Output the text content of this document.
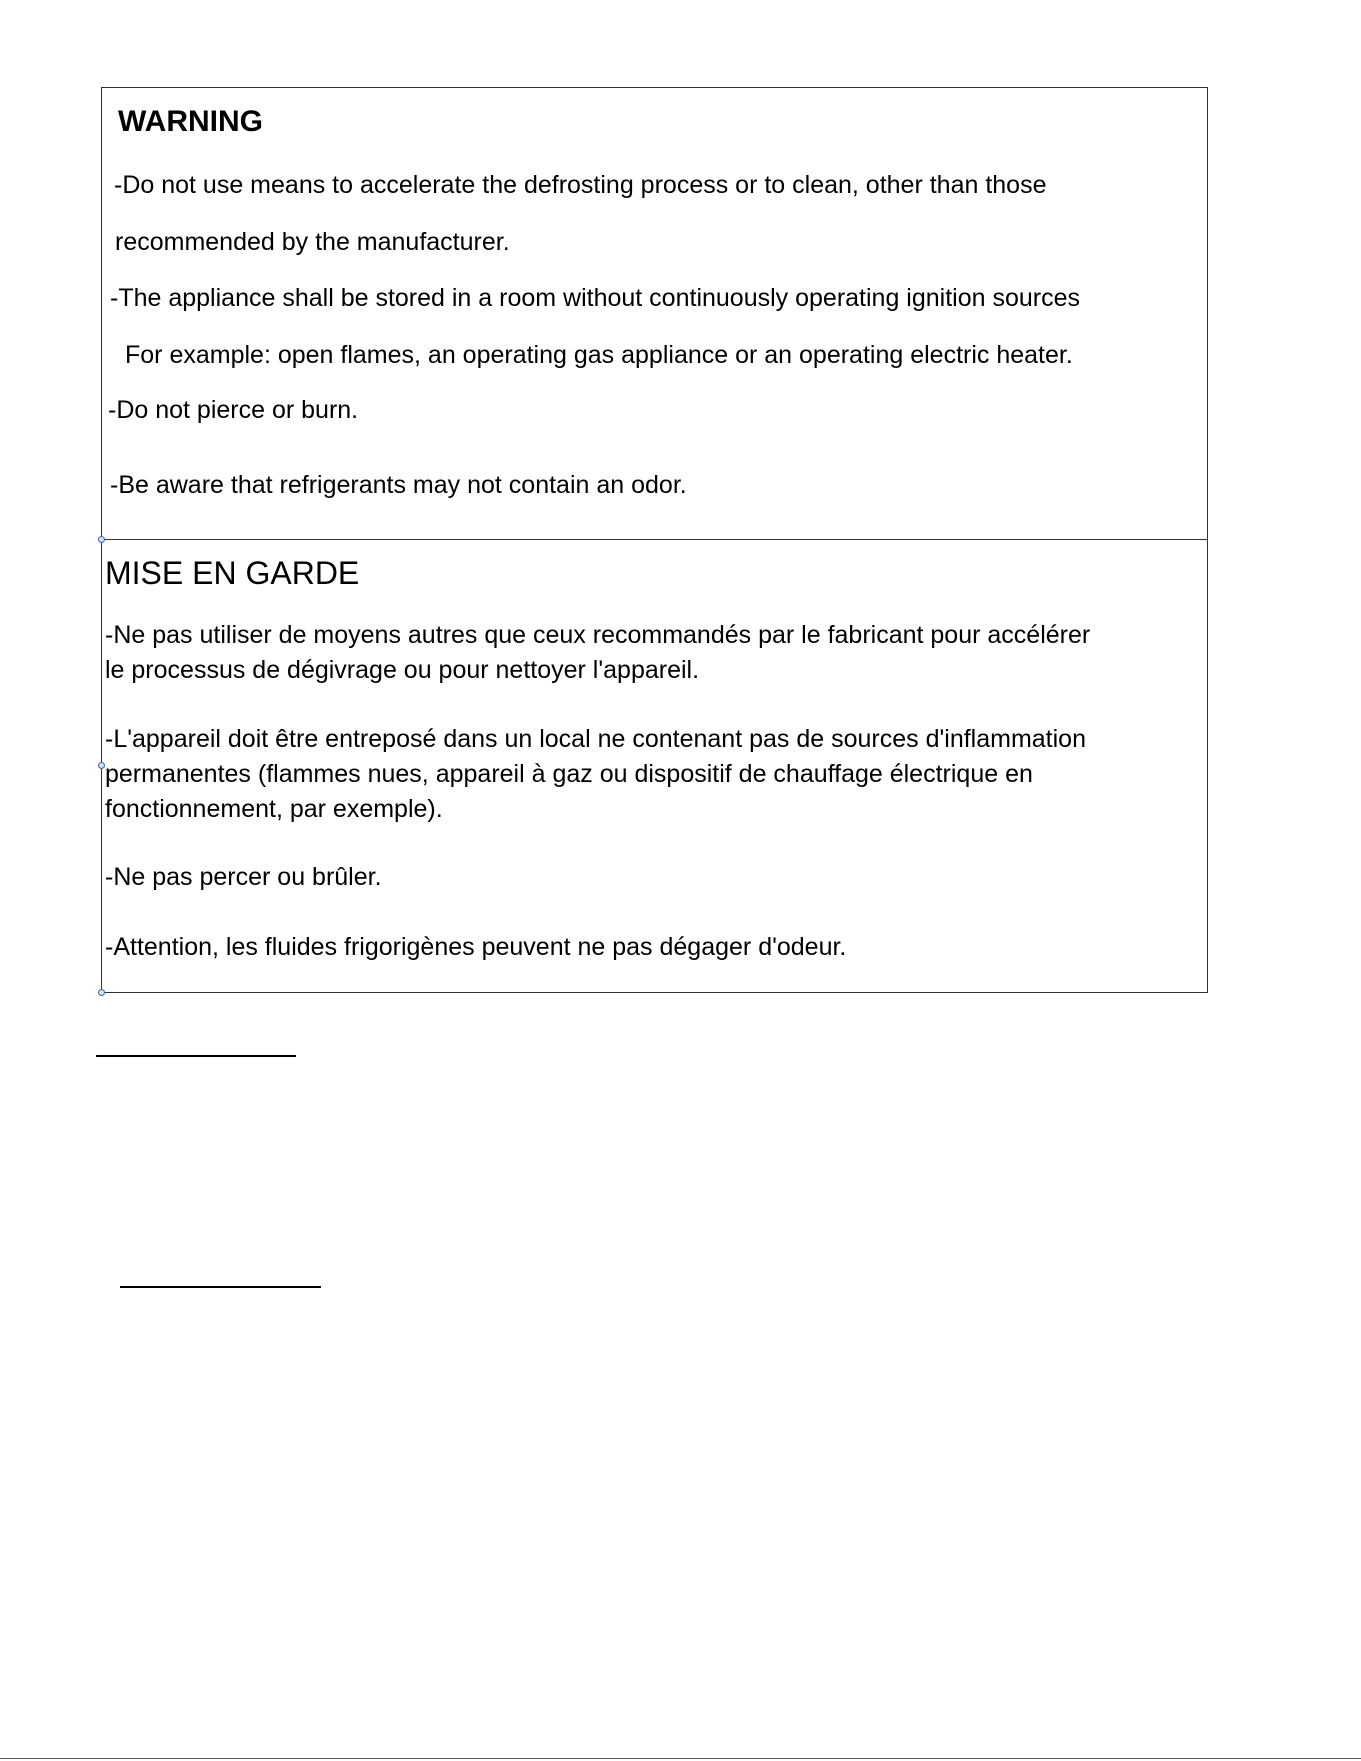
WARNING
-Do not use means to accelerate the defrosting process or to clean, other than those
recommended by the manufacturer.
-The appliance shall be stored in a room without continuously operating ignition sources
For example: open flames, an operating gas appliance or an operating electric heater.
-Do not pierce or burn.
-Be aware that refrigerants may not contain an odor.
MISE EN GARDE
-Ne pas utiliser de moyens autres que ceux recommandés par le fabricant pour accélérer
le processus de dégivrage ou pour nettoyer l'appareil.
-L'appareil doit être entreposé dans un local ne contenant pas de sources d'inflammation
permanentes (flammes nues, appareil à gaz ou dispositif de chauffage électrique en
fonctionnement, par exemple).
-Ne pas percer ou brûler.
-Attention, les fluides frigorigènes peuvent ne pas dégager d'odeur.
